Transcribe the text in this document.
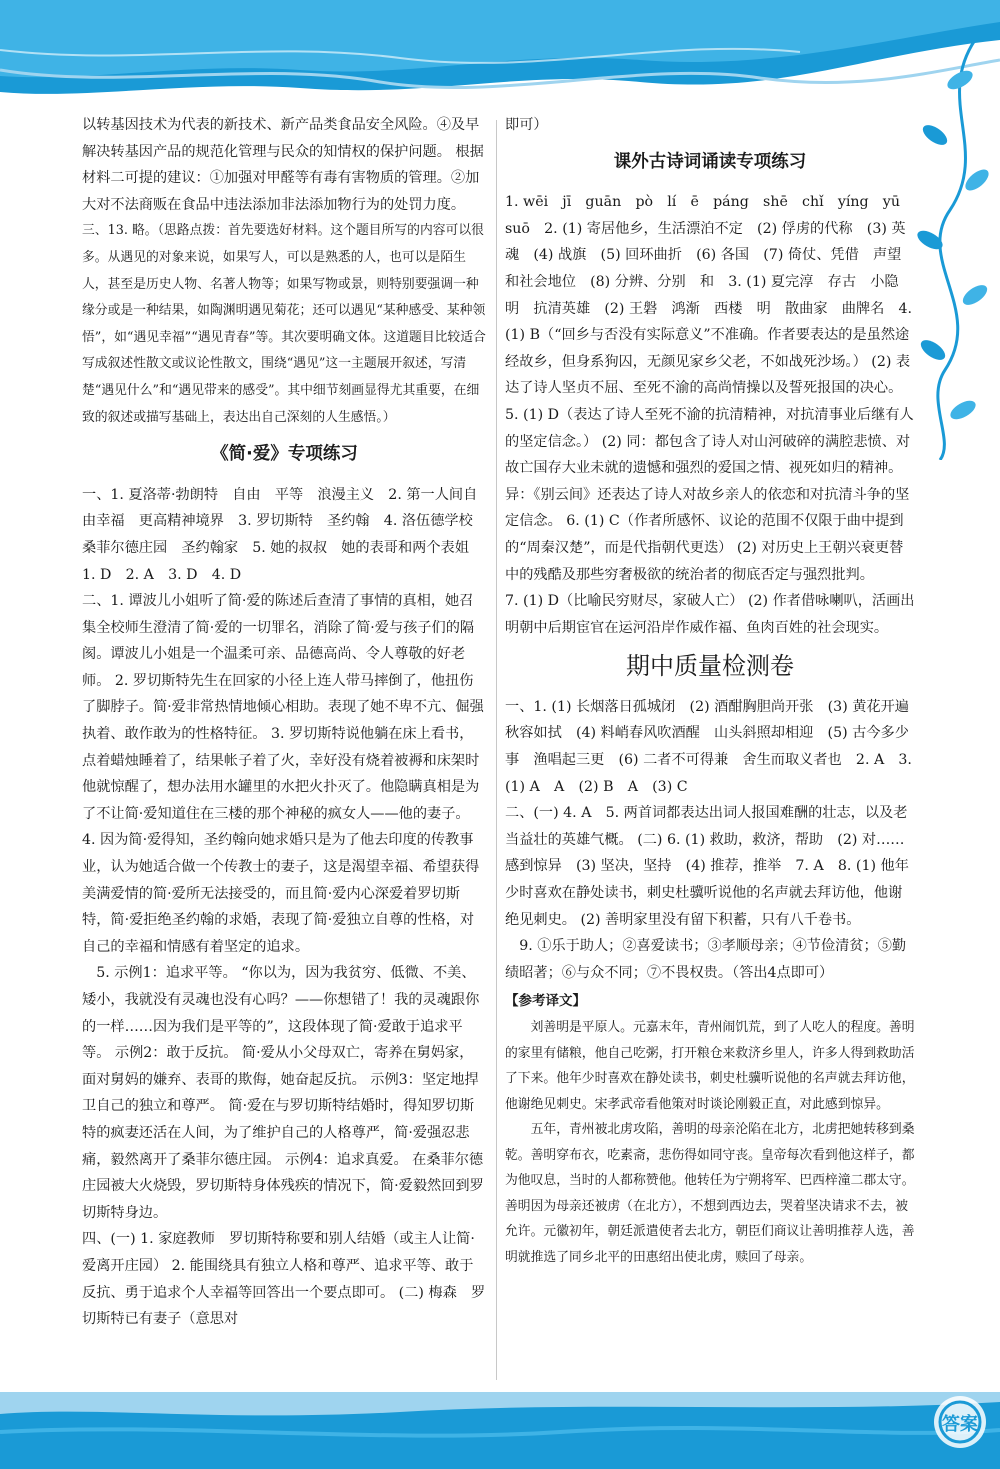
以转基因技术为代表的新技术、新产品类食品安全风险。④及早解决转基因产品的规范化管理与民众的知情权的保护问题。 根据材料二可提的建议：①加强对甲醛等有毒有害物质的管理。②加大对不法商贩在食品中违法添加非法添加物行为的处罚力度。

三、13. 略。（思路点拨：首先要选好材料。这个题目所写的内容可以很多。从遇见的对象来说，如果写人，可以是熟悉的人，也可以是陌生人，甚至是历史人物、名著人物等；如果写物或景，则特别要强调一种缘分或是一种结果，如陶渊明遇见菊花；还可以遇见“某种感受、某种领悟”，如“遇见幸福”“遇见青春”等。其次要明确文体。这道题目比较适合写成叙述性散文或议论性散文，围绕“遇见”这一主题展开叙述，写清楚“遇见什么”和“遇见带来的感受”。其中细节刻画显得尤其重要，在细致的叙述或描写基础上，表达出自己深刻的人生感悟。）

《简·爱》专项练习

一、1. 夏洛蒂·勃朗特　自由　平等　浪漫主义　2. 第一人间自由幸福　更高精神境界　3. 罗切斯特　圣约翰　4. 洛伍德学校　桑菲尔德庄园　圣约翰家　5. 她的叔叔　她的表哥和两个表姐

1. D　2. A　3. D　4. D

二、1. 谭波儿小姐听了简·爱的陈述后查清了事情的真相，她召集全校师生澄清了简·爱的一切罪名，消除了简·爱与孩子们的隔阂。谭波儿小姐是一个温柔可亲、品德高尚、令人尊敬的好老师。 2. 罗切斯特先生在回家的小径上连人带马摔倒了，他扭伤了脚脖子。简·爱非常热情地倾心相助。表现了她不卑不亢、倔强执着、敢作敢为的性格特征。 3. 罗切斯特说他躺在床上看书，点着蜡烛睡着了，结果帐子着了火，幸好没有烧着被褥和床架时他就惊醒了，想办法用水罐里的水把火扑灭了。他隐瞒真相是为了不让简·爱知道住在三楼的那个神秘的疯女人——他的妻子。 4. 因为简·爱得知，圣约翰向她求婚只是为了他去印度的传教事业，认为她适合做一个传教士的妻子，这是渴望幸福、希望获得美满爱情的简·爱所无法接受的，而且简·爱内心深爱着罗切斯特，简·爱拒绝圣约翰的求婚，表现了简·爱独立自尊的性格，对自己的幸福和情感有着坚定的追求。

　5. 示例1：追求平等。 “你以为，因为我贫穷、低微、不美、矮小，我就没有灵魂也没有心吗？——你想错了！我的灵魂跟你的一样……因为我们是平等的”，这段体现了简·爱敢于追求平等。 示例2：敢于反抗。 简·爱从小父母双亡，寄养在舅妈家，面对舅妈的嫌弃、表哥的欺侮，她奋起反抗。 示例3：坚定地捍卫自己的独立和尊严。 简·爱在与罗切斯特结婚时，得知罗切斯特的疯妻还活在人间，为了维护自己的人格尊严，简·爱强忍悲痛，毅然离开了桑菲尔德庄园。 示例4：追求真爱。 在桑菲尔德庄园被大火烧毁，罗切斯特身体残疾的情况下，简·爱毅然回到罗切斯特身边。

四、(一) 1. 家庭教师　罗切斯特称要和别人结婚（或主人让简·爱离开庄园） 2. 能围绕具有独立人格和尊严、追求平等、敢于反抗、勇于追求个人幸福等回答出一个要点即可。 (二) 梅森　罗切斯特已有妻子（意思对

即可）

课外古诗词诵读专项练习

1. wēi　jī　guān　pò　lí　ē　páng　shē　chǐ　yíng　yū　suō　2. (1) 寄居他乡，生活漂泊不定　(2) 俘虏的代称　(3) 英魂　(4) 战旗　(5) 回环曲折　(6) 各国　(7) 倚仗、凭借　声望和社会地位　(8) 分辨、分别　和　3. (1) 夏完淳　存古　小隐　明　抗清英雄　(2) 王磐　鸿渐　西楼　明　散曲家　曲牌名　4. (1) B（“回乡与否没有实际意义”不准确。作者要表达的是虽然途经故乡，但身系狗囚，无颜见家乡父老，不如战死沙场。） (2) 表达了诗人坚贞不屈、至死不渝的高尚情操以及誓死报国的决心。 5. (1) D（表达了诗人至死不渝的抗清精神，对抗清事业后继有人的坚定信念。） (2) 同：都包含了诗人对山河破碎的满腔悲愤、对故亡国存大业未就的遗憾和强烈的爱国之情、视死如归的精神。 异：《别云间》还表达了诗人对故乡亲人的依恋和对抗清斗争的坚定信念。 6. (1) C（作者所感怀、议论的范围不仅限于曲中提到的“周秦汉楚”，而是代指朝代更迭） (2) 对历史上王朝兴衰更替中的残酷及那些穷奢极欲的统治者的彻底否定与强烈批判。

7. (1) D（比喻民穷财尽，家破人亡） (2) 作者借咏喇叭，活画出明朝中后期宦官在运河沿岸作威作福、鱼肉百姓的社会现实。

期中质量检测卷

一、1. (1) 长烟落日孤城闭　(2) 酒酣胸胆尚开张　(3) 黄花开遍　秋容如拭　(4) 料峭春风吹酒醒　山头斜照却相迎　(5) 古今多少事　渔唱起三更　(6) 二者不可得兼　舍生而取义者也　2. A　3. (1) A　A　(2) B　A　(3) C

二、(一) 4. A　5. 两首词都表达出词人报国难酬的壮志，以及老当益壮的英雄气概。 (二) 6. (1) 救助，救济，帮助　(2) 对……感到惊异　(3) 坚决，坚持　(4) 推荐，推举　7. A　8. (1) 他年少时喜欢在静处读书，刺史杜骥听说他的名声就去拜访他，他谢绝见刺史。 (2) 善明家里没有留下积蓄，只有八千卷书。

　9. ①乐于助人；②喜爱读书；③孝顺母亲；④节俭清贫；⑤勤绩昭著；⑥与众不同；⑦不畏权贵。（答出4点即可）

【参考译文】

　　刘善明是平原人。元嘉末年，青州闹饥荒，到了人吃人的程度。善明的家里有储粮，他自己吃粥，打开粮仓来救济乡里人，许多人得到救助活了下来。他年少时喜欢在静处读书，刺史杜骥听说他的名声就去拜访他，他谢绝见刺史。宋孝武帝看他策对时谈论刚毅正直，对此感到惊异。

　　五年，青州被北虏攻陷，善明的母亲沦陷在北方，北虏把她转移到桑乾。善明穿布衣，吃素斋，悲伤得如同守丧。皇帝每次看到他这样子，都为他叹息，当时的人都称赞他。他转任为宁朔将军、巴西梓潼二郡太守。善明因为母亲还被虏（在北方），不想到西边去，哭着坚决请求不去，被允许。元徽初年，朝廷派遣使者去北方，朝臣们商议让善明推荐人选，善明就推选了同乡北平的田惠绍出使北虏，赎回了母亲。

答案
